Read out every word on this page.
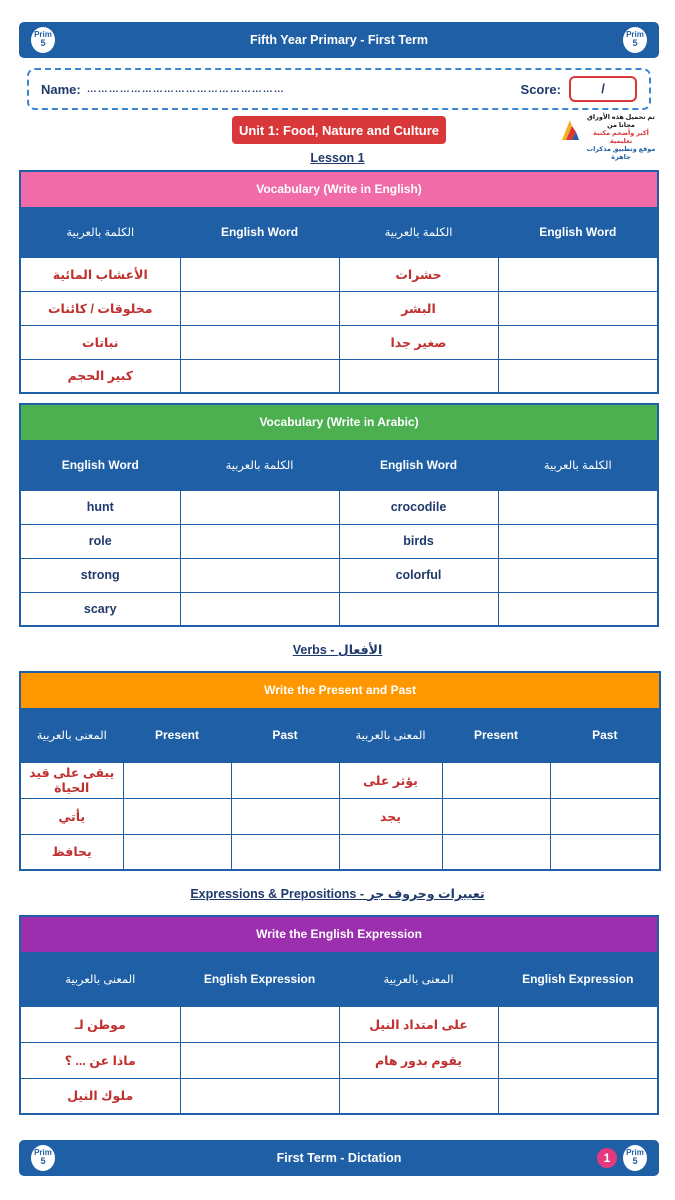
Prim
5	Fifth Year Primary - First Term	Prim
5
Name: ………………………………………………	Score:	/
Unit 1: Food, Nature and Culture
تم تحميل هذه الأوراق مجانا من
أكبر وأضخم مكتبة تعليمية
موقع وتطبيق مذكرات جاهزة
Lesson 1
Vocabulary (Write in English)			
الكلمة بالعربية	English Word	الكلمة بالعربية	English Word
الأعشاب المائية		حشرات	
مخلوقات / كائنات		البشر	
نباتات		صغير جدا	
كبير الحجم			
Vocabulary (Write in Arabic)			
English Word	الكلمة بالعربية	English Word	الكلمة بالعربية
hunt		crocodile	
role		birds	
strong		colorful	
scary			
Verbs - الأفعال
Write the Present and Past					
المعنى بالعربية	Present	Past	المعنى بالعربية	Present	Past
يبقى على قيد الحياة			يؤثر على		
يأتي			يجد		
يحافظ					
Expressions & Prepositions - تعبيرات وحروف جر
Write the English Expression			
المعنى بالعربية	English Expression	المعنى بالعربية	English Expression
موطن لـ		على امتداد النيل	
ماذا عن ... ؟		يقوم بدور هام	
ملوك النيل			
Prim
5	First Term - Dictation	1	Prim
5
